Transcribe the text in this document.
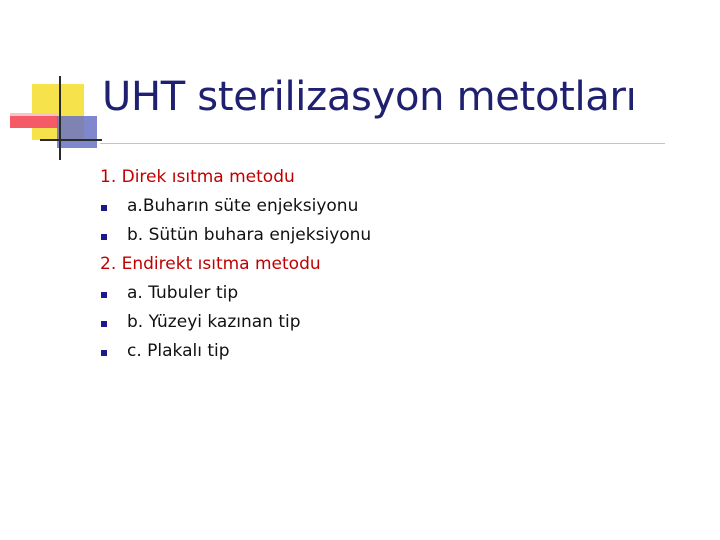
UHT sterilizasyon metotları
1. Direk ısıtma metodu
a.Buharın süte enjeksiyonu
b. Sütün buhara enjeksiyonu
2. Endirekt ısıtma metodu
a. Tubuler tip
b. Yüzeyi kazınan tip
c. Plakalı tip
